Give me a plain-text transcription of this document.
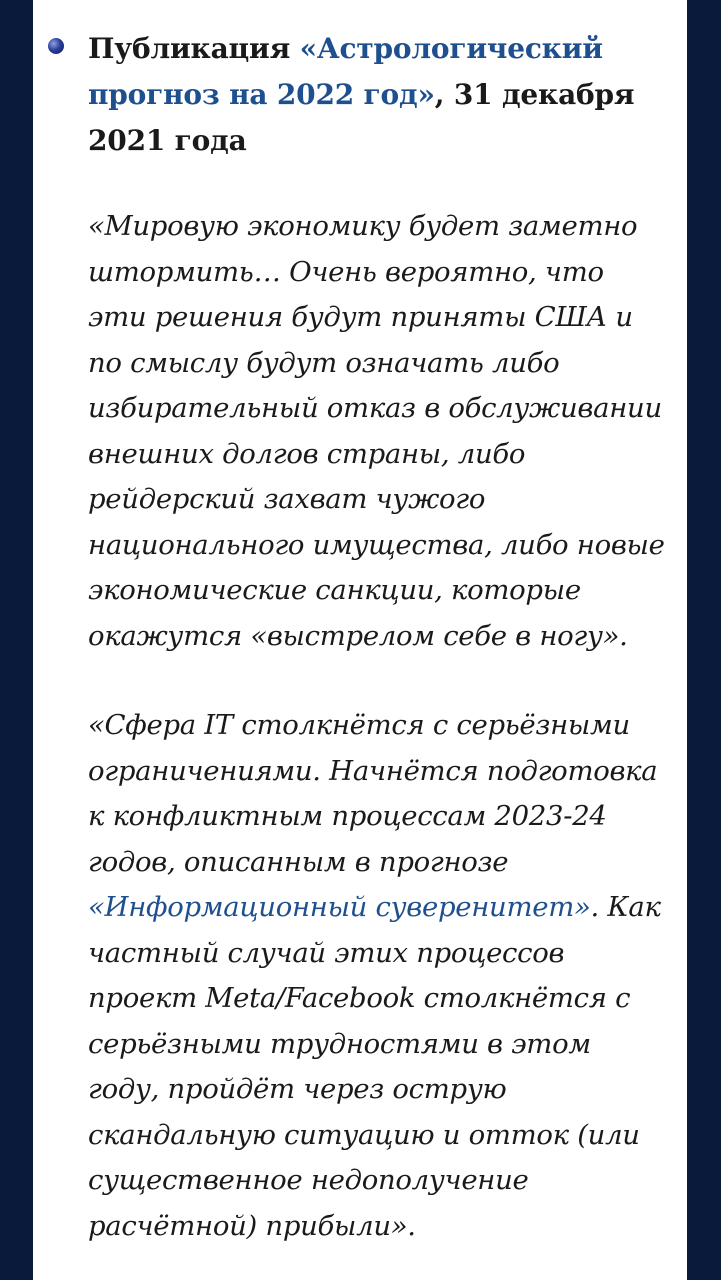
Публикация «Астрологический прогноз на 2022 год», 31 декабря 2021 года

«Мировую экономику будет заметно штормить… Очень вероятно, что эти решения будут приняты США и по смыслу будут означать либо избирательный отказ в обслуживании внешних долгов страны, либо рейдерский захват чужого национального имущества, либо новые экономические санкции, которые окажутся «выстрелом себе в ногу».

«Сфера IT столкнётся с серьёзными ограничениями. Начнётся подготовка к конфликтным процессам 2023-24 годов, описанным в прогнозе «Информационный суверенитет». Как частный случай этих процессов проект Meta/Facebook столкнётся с серьёзными трудностями в этом году, пройдёт через острую скандальную ситуацию и отток (или существенное недополучение расчётной) прибыли».
